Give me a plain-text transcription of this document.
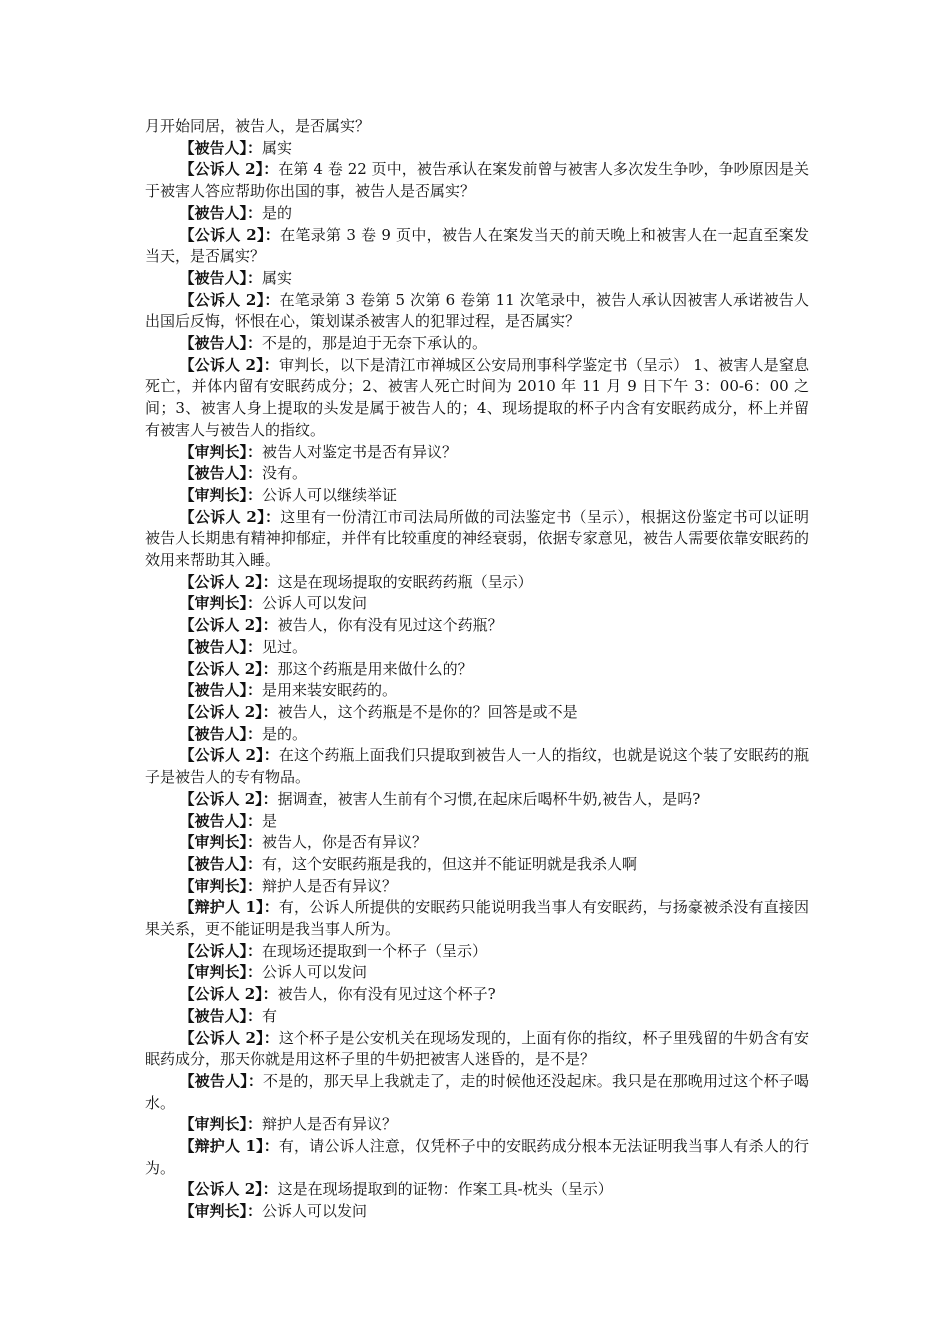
月开始同居，被告人，是否属实？

【被告人】：属实

【公诉人 2】：在第 4 卷 22 页中，被告承认在案发前曾与被害人多次发生争吵，争吵原因是关于被害人答应帮助你出国的事，被告人是否属实？

【被告人】：是的

【公诉人 2】：在笔录第 3 卷 9 页中，被告人在案发当天的前天晚上和被害人在一起直至案发当天，是否属实？

【被告人】：属实

【公诉人 2】：在笔录第 3 卷第 5 次第 6 卷第 11 次笔录中，被告人承认因被害人承诺被告人出国后反悔，怀恨在心，策划谋杀被害人的犯罪过程，是否属实？

【被告人】：不是的，那是迫于无奈下承认的。

【公诉人 2】：审判长，以下是清江市禅城区公安局刑事科学鉴定书（呈示） 1、被害人是窒息死亡，并体内留有安眠药成分；2、被害人死亡时间为 2010 年 11 月 9 日下午 3：00-6：00 之间；3、被害人身上提取的头发是属于被告人的；4、现场提取的杯子内含有安眠药成分，杯上并留有被害人与被告人的指纹。

【审判长】：被告人对鉴定书是否有异议？

【被告人】：没有。

【审判长】：公诉人可以继续举证

【公诉人 2】：这里有一份清江市司法局所做的司法鉴定书（呈示），根据这份鉴定书可以证明被告人长期患有精神抑郁症，并伴有比较重度的神经衰弱，依据专家意见，被告人需要依靠安眠药的效用来帮助其入睡。

【公诉人 2】：这是在现场提取的安眠药药瓶（呈示）

【审判长】：公诉人可以发问

【公诉人 2】：被告人，你有没有见过这个药瓶？

【被告人】：见过。

【公诉人 2】：那这个药瓶是用来做什么的？

【被告人】：是用来装安眠药的。

【公诉人 2】：被告人，这个药瓶是不是你的？回答是或不是

【被告人】：是的。

【公诉人 2】：在这个药瓶上面我们只提取到被告人一人的指纹，也就是说这个装了安眠药的瓶子是被告人的专有物品。

【公诉人 2】：据调查，被害人生前有个习惯,在起床后喝杯牛奶,被告人，是吗?

【被告人】：是

【审判长】：被告人，你是否有异议？

【被告人】：有，这个安眠药瓶是我的，但这并不能证明就是我杀人啊

【审判长】：辩护人是否有异议？

【辩护人 1】：有，公诉人所提供的安眠药只能说明我当事人有安眠药，与扬豪被杀没有直接因果关系，更不能证明是我当事人所为。

【公诉人】：在现场还提取到一个杯子（呈示）

【审判长】：公诉人可以发问

【公诉人 2】：被告人，你有没有见过这个杯子?

【被告人】：有

【公诉人 2】：这个杯子是公安机关在现场发现的，上面有你的指纹，杯子里残留的牛奶含有安眠药成分，那天你就是用这杯子里的牛奶把被害人迷昏的，是不是？

【被告人】：不是的，那天早上我就走了，走的时候他还没起床。我只是在那晚用过这个杯子喝水。

【审判长】：辩护人是否有异议？

【辩护人 1】：有，请公诉人注意，仅凭杯子中的安眠药成分根本无法证明我当事人有杀人的行为。

【公诉人 2】：这是在现场提取到的证物：作案工具-枕头（呈示）

【审判长】：公诉人可以发问
